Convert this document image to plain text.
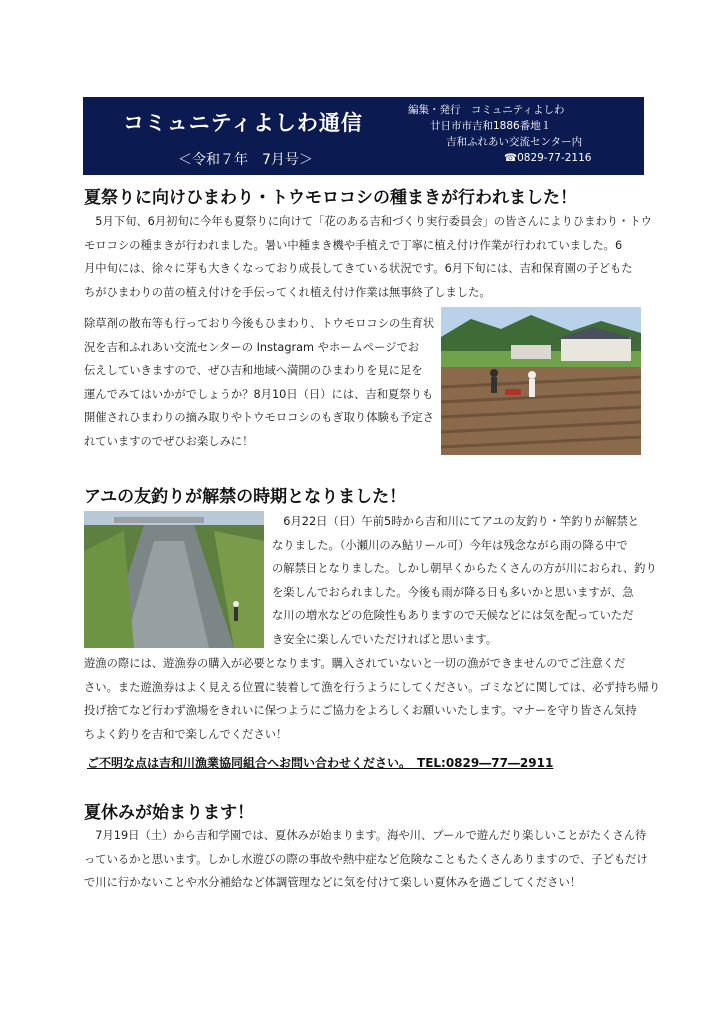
コミュニティよしわ通信
＜令和７年　7月号＞
編集・発行　コミュニティよしわ
廿日市市吉和1886番地１
吉和ふれあい交流センター内
☎0829-77-2116
夏祭りに向けひまわり・トウモロコシの種まきが行われました！
　5月下旬、6月初旬に今年も夏祭りに向けて「花のある吉和づくり実行委員会」の皆さんによりひまわり・トウ
モロコシの種まきが行われました。暑い中種まき機や手植えで丁寧に植え付け作業が行われていました。6
月中旬には、徐々に芽も大きくなっており成長してきている状況です。6月下旬には、吉和保育園の子どもた
ちがひまわりの苗の植え付けを手伝ってくれ植え付け作業は無事終了しました。
除草剤の散布等も行っており今後もひまわり、トウモロコシの生育状
況を吉和ふれあい交流センターの Instagram やホームページでお
伝えしていきますので、ぜひ吉和地域へ満開のひまわりを見に足を
運んでみてはいかがでしょうか？8月10日（日）には、吉和夏祭りも
開催されひまわりの摘み取りやトウモロコシのもぎ取り体験も予定さ
れていますのでぜひお楽しみに！
アユの友釣りが解禁の時期となりました！
　6月22日（日）午前5時から吉和川にてアユの友釣り・竿釣りが解禁と
なりました。（小瀬川のみ鮎リール可）今年は残念ながら雨の降る中で
の解禁日となりました。しかし朝早くからたくさんの方が川におられ、釣り
を楽しんでおられました。今後も雨が降る日も多いかと思いますが、急
な川の増水などの危険性もありますので天候などには気を配っていただ
き安全に楽しんでいただければと思います。
遊漁の際には、遊漁券の購入が必要となります。購入されていないと一切の漁ができませんのでご注意くだ
さい。また遊漁券はよく見える位置に装着して漁を行うようにしてください。ゴミなどに関しては、必ず持ち帰り
投げ捨てなど行わず漁場をきれいに保つようにご協力をよろしくお願いいたします。マナーを守り皆さん気持
ちよく釣りを吉和で楽しんでください！
ご不明な点は吉和川漁業協同組合へお問い合わせください。　TEL:0829―77―2911
夏休みが始まります！
　7月19日（土）から吉和学園では、夏休みが始まります。海や川、プールで遊んだり楽しいことがたくさん待
っているかと思います。しかし水遊びの際の事故や熱中症など危険なこともたくさんありますので、子どもだけ
で川に行かないことや水分補給など体調管理などに気を付けて楽しい夏休みを過ごしてください！
